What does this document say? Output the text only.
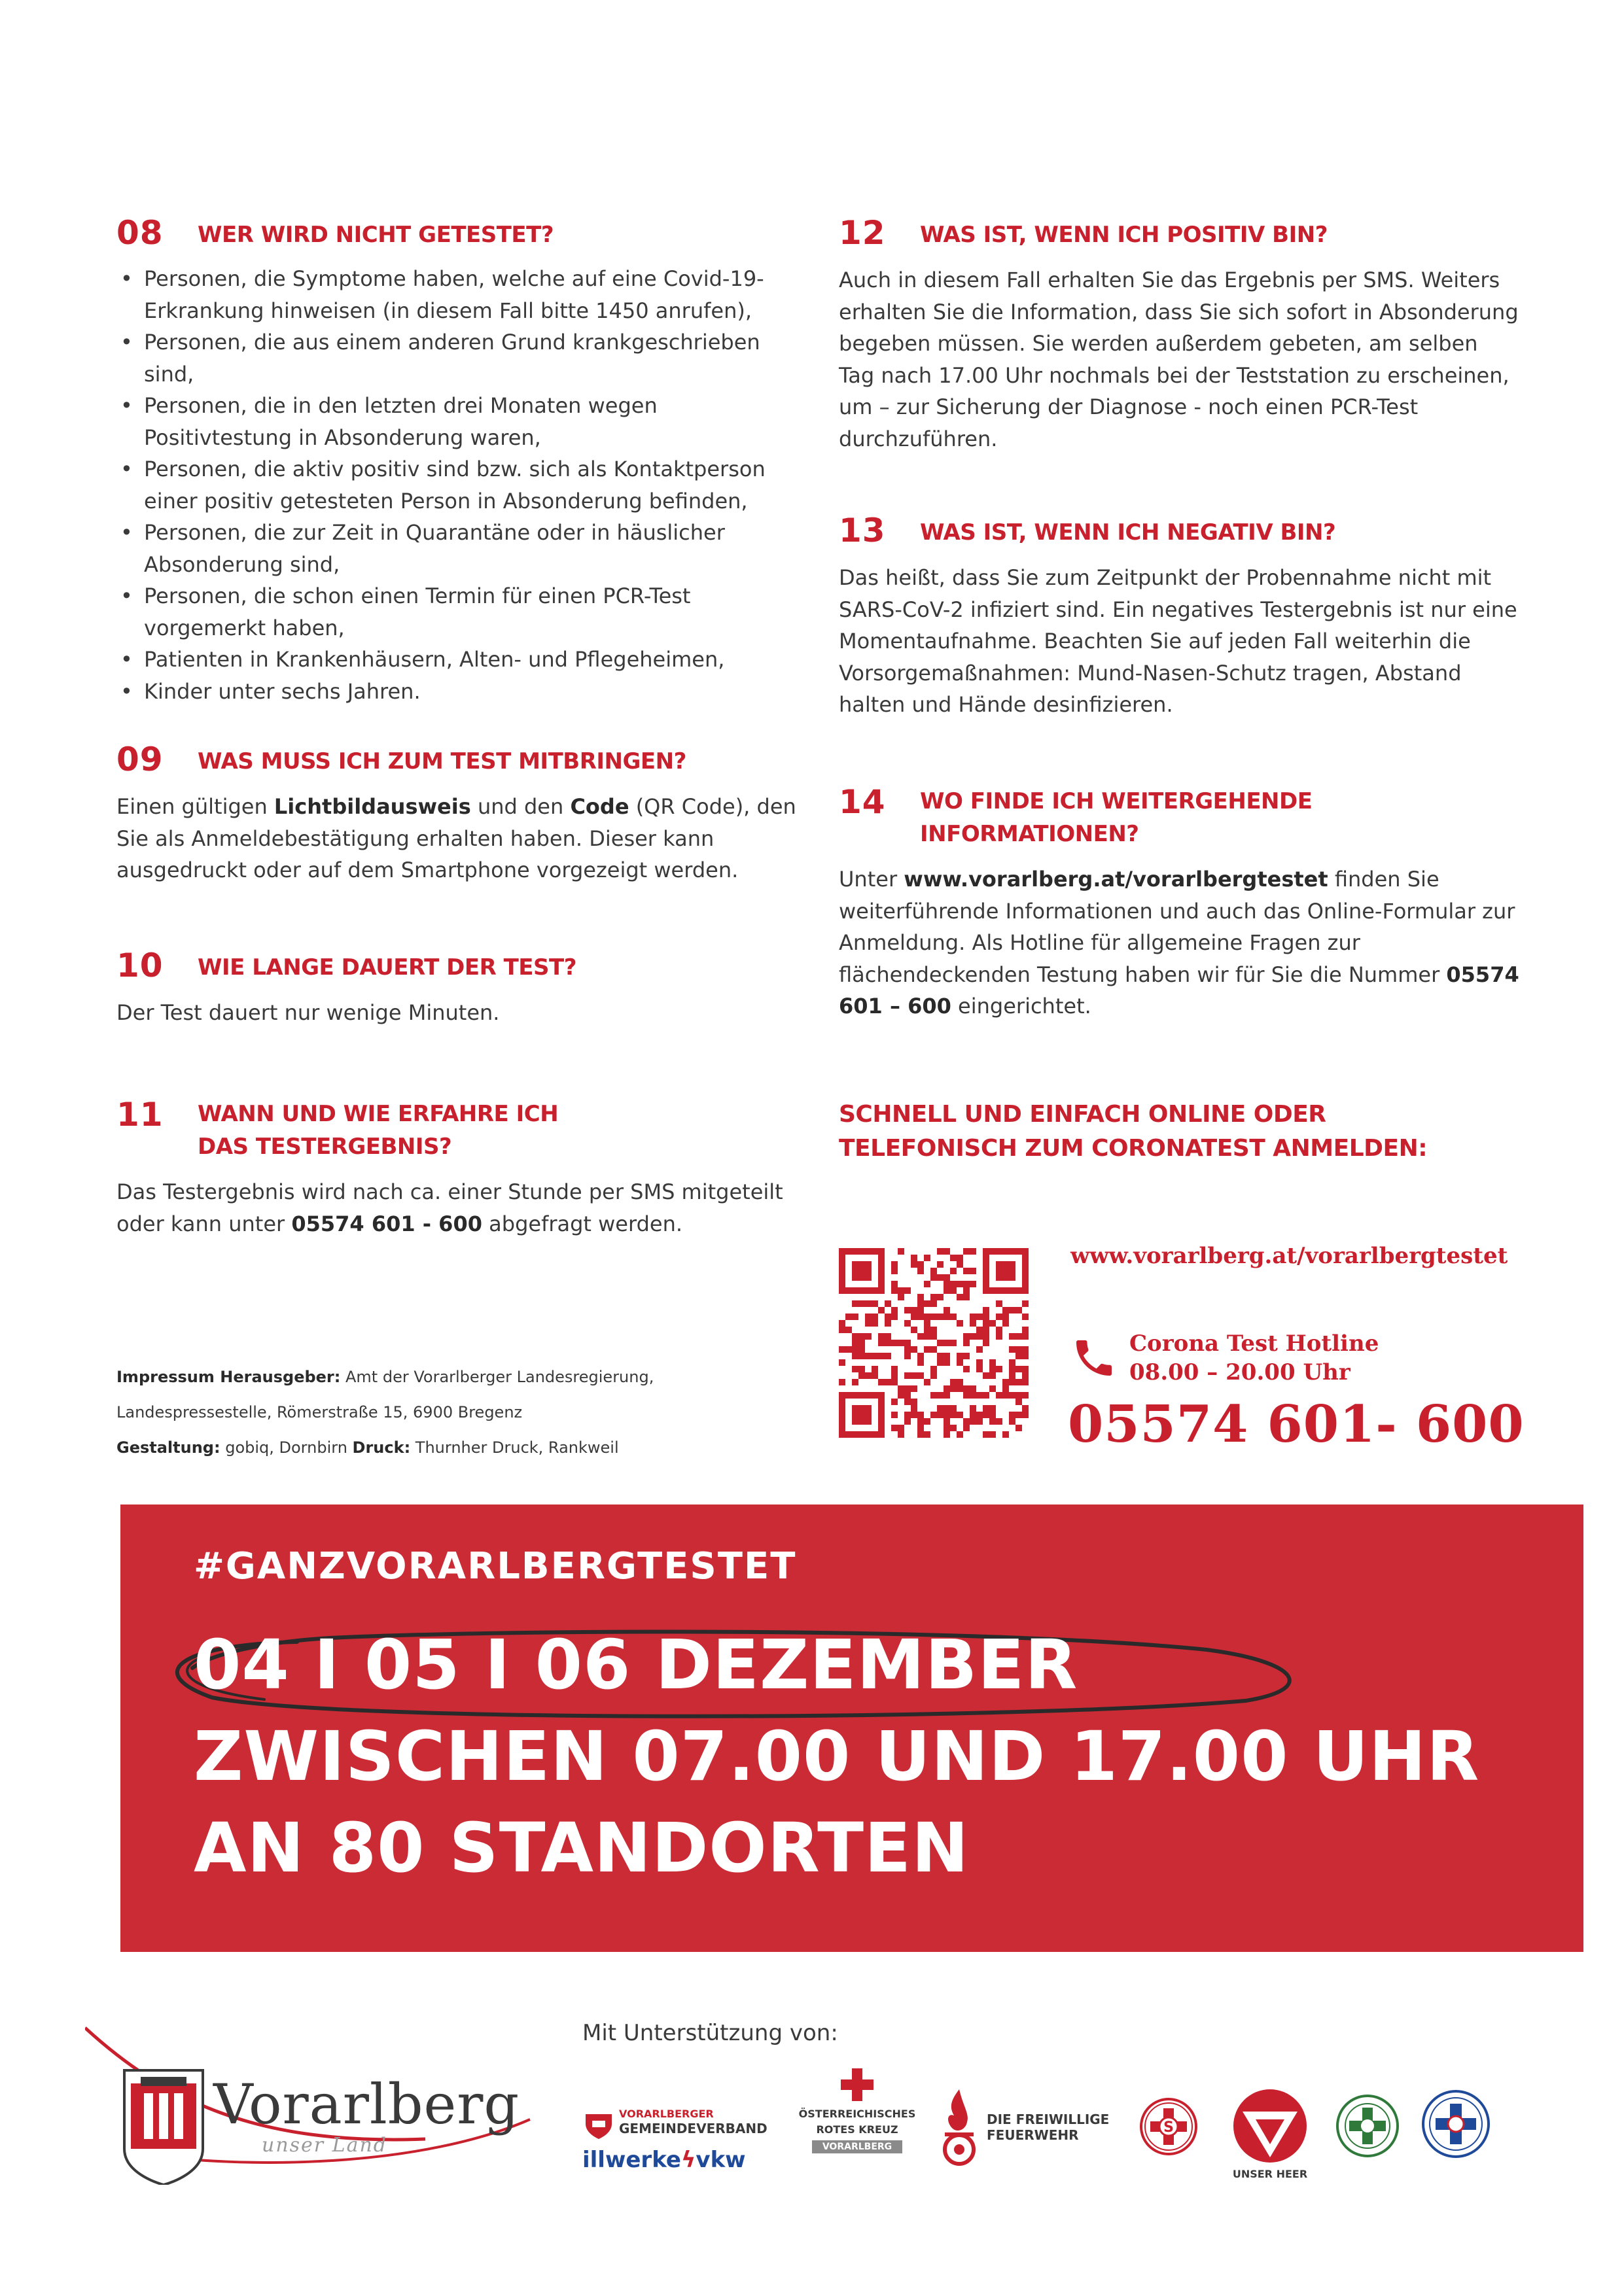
08	WER WIRD NICHT GETESTET?
• Personen, die Symptome haben, welche auf eine Covid-19-Erkrankung hinweisen (in diesem Fall bitte 1450 anrufen),
• Personen, die aus einem anderen Grund krankgeschrieben sind,
• Personen, die in den letzten drei Monaten wegen Positivtestung in Absonderung waren,
• Personen, die aktiv positiv sind bzw. sich als Kontaktperson einer positiv getesteten Person in Absonderung befinden,
• Personen, die zur Zeit in Quarantäne oder in häuslicher Absonderung sind,
• Personen, die schon einen Termin für einen PCR-Test vorgemerkt haben,
• Patienten in Krankenhäusern, Alten- und Pflegeheimen,
• Kinder unter sechs Jahren.
09	WAS MUSS ICH ZUM TEST MITBRINGEN?

Einen gültigen Lichtbildausweis und den Code (QR Code), den Sie als Anmeldebestätigung erhalten haben. Dieser kann ausgedruckt oder auf dem Smartphone vorgezeigt werden.

10	WIE LANGE DAUERT DER TEST?

Der Test dauert nur wenige Minuten.

11	WANN UND WIE ERFAHRE ICH
DAS TESTERGEBNIS?

Das Testergebnis wird nach ca. einer Stunde per SMS mitgeteilt oder kann unter 05574 601 - 600 abgefragt werden.

Impressum Herausgeber: Amt der Vorarlberger Landesregierung,
Landespressestelle, Römerstraße 15, 6900 Bregenz
Gestaltung: gobiq, Dornbirn Druck: Thurnher Druck, Rankweil
12	WAS IST, WENN ICH POSITIV BIN?

Auch in diesem Fall erhalten Sie das Ergebnis per SMS. Weiters erhalten Sie die Information, dass Sie sich sofort in Absonderung begeben müssen. Sie werden außerdem gebeten, am selben Tag nach 17.00 Uhr nochmals bei der Teststation zu erscheinen, um – zur Sicherung der Diagnose - noch einen PCR-Test durchzuführen.

13	WAS IST, WENN ICH NEGATIV BIN?

Das heißt, dass Sie zum Zeitpunkt der Probennahme nicht mit SARS-CoV-2 infiziert sind. Ein negatives Testergebnis ist nur eine Momentaufnahme. Beachten Sie auf jeden Fall weiterhin die Vorsorgemaßnahmen: Mund-Nasen-Schutz tragen, Abstand halten und Hände desinfizieren.

14	WO FINDE ICH WEITERGEHENDE
INFORMATIONEN?

Unter www.vorarlberg.at/vorarlbergtestet finden Sie weiterführende Informationen und auch das Online-Formular zur Anmeldung. Als Hotline für allgemeine Fragen zur flächendeckenden Testung haben wir für Sie die Nummer 05574 601 – 600 eingerichtet.

SCHNELL UND EINFACH ONLINE ODER
TELEFONISCH ZUM CORONATEST ANMELDEN:
www.vorarlberg.at/vorarlbergtestet
Corona Test Hotline
08.00 – 20.00 Uhr
05574 601- 600
#GANZVORARLBERGTESTET
04 I 05 I 06 DEZEMBER
ZWISCHEN 07.00 UND 17.00 UHR
AN 80 STANDORTEN
Mit Unterstützung von:
Vorarlberg
unser Land
VORARLBERGER
GEMEINDEVERBAND
illwerkeϟvkw
ÖSTERREICHISCHES
ROTES KREUZ
VORARLBERG
DIE FREIWILLIGE
FEUERWEHR	S
UNSER HEER
